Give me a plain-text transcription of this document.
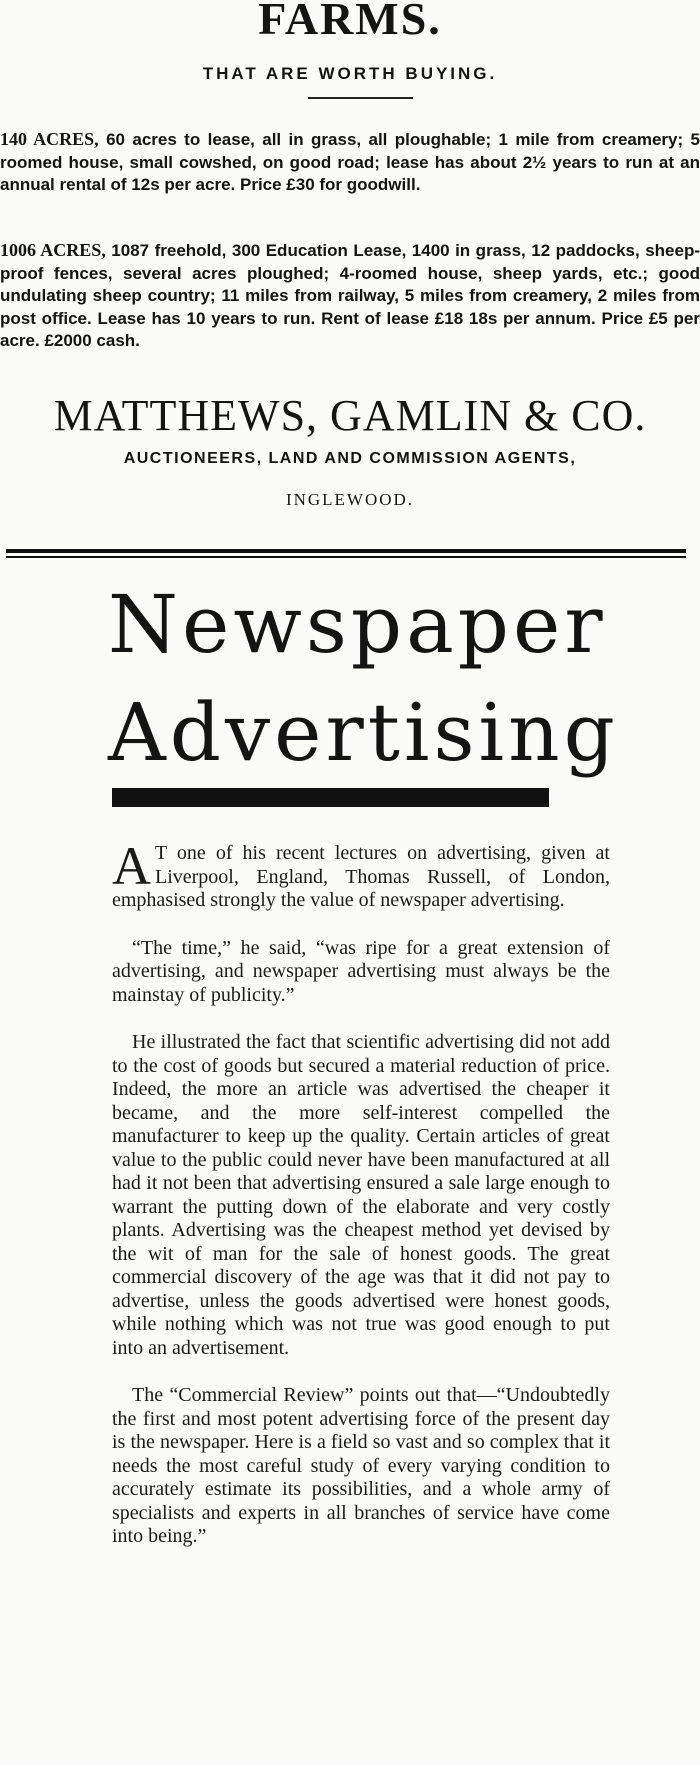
FARMS.
THAT ARE WORTH BUYING.
140 ACRES, 60 acres to lease, all in grass, all ploughable; 1 mile from creamery; 5 roomed house, small cowshed, on good road; lease has about 2½ years to run at an annual rental of 12s per acre. Price £30 for goodwill.
1006 ACRES, 1087 freehold, 300 Education Lease, 1400 in grass, 12 paddocks, sheep-proof fences, several acres ploughed; 4-roomed house, sheep yards, etc.; good undulating sheep country; 11 miles from railway, 5 miles from creamery, 2 miles from post office. Lease has 10 years to run. Rent of lease £18 18s per annum. Price £5 per acre. £2000 cash.
MATTHEWS, GAMLIN & CO.
AUCTIONEERS, LAND AND COMMISSION AGENTS,
INGLEWOOD.
Newspaper
Advertising

A T one of his recent lectures on advertising, given at Liverpool, England, Thomas Russell, of London, emphasised strongly the value of newspaper advertising.

“The time,” he said, “was ripe for a great extension of advertising, and newspaper advertising must always be the mainstay of publicity.”

He illustrated the fact that scientific advertising did not add to the cost of goods but secured a material reduction of price. Indeed, the more an article was advertised the cheaper it became, and the more self-interest compelled the manufacturer to keep up the quality. Certain articles of great value to the public could never have been manufactured at all had it not been that advertising ensured a sale large enough to warrant the putting down of the elaborate and very costly plants. Advertising was the cheapest method yet devised by the wit of man for the sale of honest goods. The great commercial discovery of the age was that it did not pay to advertise, unless the goods advertised were honest goods, while nothing which was not true was good enough to put into an advertisement.

The “Commercial Review” points out that—“Undoubtedly the first and most potent advertising force of the present day is the newspaper. Here is a field so vast and so complex that it needs the most careful study of every varying condition to accurately estimate its possibilities, and a whole army of specialists and experts in all branches of service have come into being.”
